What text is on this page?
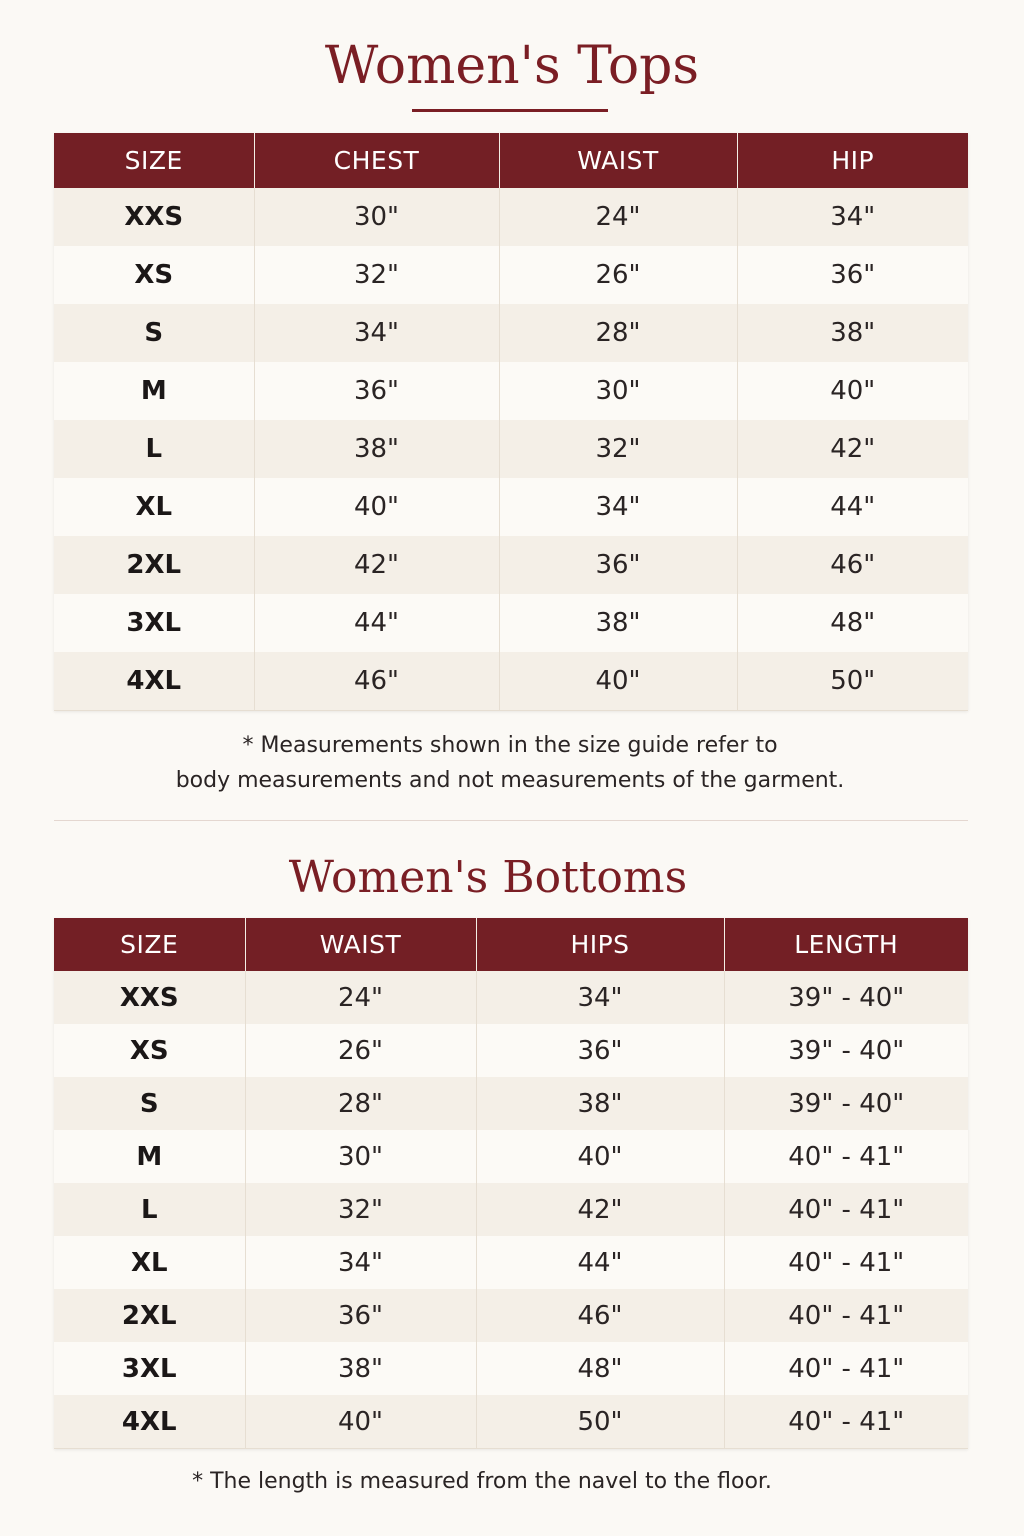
Women's Tops
SIZE	CHEST	WAIST	HIP
XXS	30"	24"	34"
XS	32"	26"	36"
S	34"	28"	38"
M	36"	30"	40"
L	38"	32"	42"
XL	40"	34"	44"
2XL	42"	36"	46"
3XL	44"	38"	48"
4XL	46"	40"	50"

* Measurements shown in the size guide refer to
body measurements and not measurements of the garment.

Women's Bottoms
SIZE	WAIST	HIPS	LENGTH
XXS	24"	34"	39" - 40"
XS	26"	36"	39" - 40"
S	28"	38"	39" - 40"
M	30"	40"	40" - 41"
L	32"	42"	40" - 41"
XL	34"	44"	40" - 41"
2XL	36"	46"	40" - 41"
3XL	38"	48"	40" - 41"
4XL	40"	50"	40" - 41"

* The length is measured from the navel to the floor.
